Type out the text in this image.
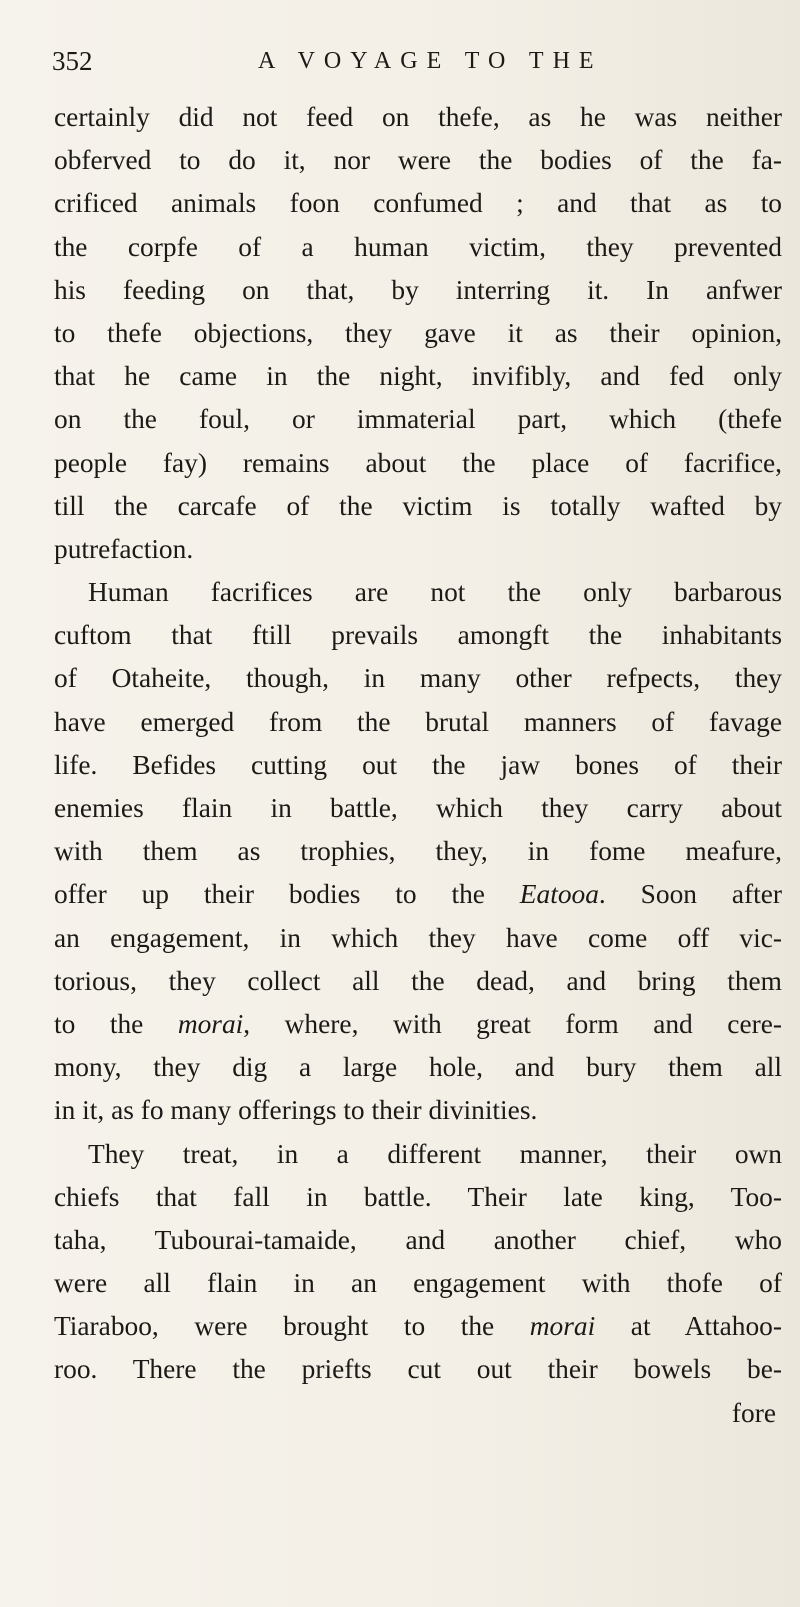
352	A VOYAGE TO THE
certainly did not feed on thefe, as he was neither
obferved to do it, nor were the bodies of the fa-
crificed animals foon confumed ; and that as to
the corpfe of a human victim, they prevented
his feeding on that, by interring it. In anfwer
to thefe objections, they gave it as their opinion,
that he came in the night, invifibly, and fed only
on the foul, or immaterial part, which (thefe
people fay) remains about the place of facrifice,
till the carcafe of the victim is totally wafted by
putrefaction.
Human facrifices are not the only barbarous
cuftom that ftill prevails amongft the inhabitants
of Otaheite, though, in many other refpects, they
have emerged from the brutal manners of favage
life. Befides cutting out the jaw bones of their
enemies flain in battle, which they carry about
with them as trophies, they, in fome meafure,
offer up their bodies to the Eatooa. Soon after
an engagement, in which they have come off vic-
torious, they collect all the dead, and bring them
to the morai, where, with great form and cere-
mony, they dig a large hole, and bury them all
in it, as fo many offerings to their divinities.
They treat, in a different manner, their own
chiefs that fall in battle. Their late king, Too-
taha, Tubourai-tamaide, and another chief, who
were all flain in an engagement with thofe of
Tiaraboo, were brought to the morai at Attahoo-
roo. There the priefts cut out their bowels be-
fore
